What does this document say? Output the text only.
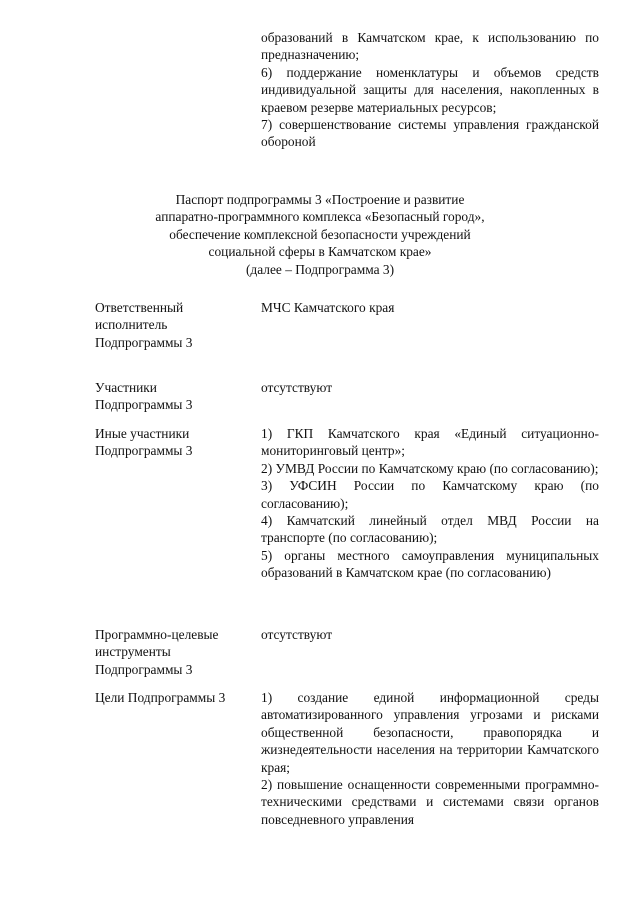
образований в Камчатском крае, к использованию по предназначению;

6) поддержание номенклатуры и объемов средств индивидуальной защиты для населения, накопленных в краевом резерве материальных ресурсов;

7) совершенствование системы управления гражданской обороной

Паспорт подпрограммы 3 «Построение и развитие
аппаратно-программного комплекса «Безопасный город»,
обеспечение комплексной безопасности учреждений
социальной сферы в Камчатском крае»
(далее – Подпрограмма 3)
Ответственный
исполнитель
Подпрограммы 3

МЧС Камчатского края

Участники
Подпрограммы 3

отсутствуют

Иные участники
Подпрограммы 3

1) ГКП Камчатского края «Единый ситуационно-мониторинговый центр»;

2) УМВД России по Камчатскому краю (по согласованию);

3) УФСИН России по Камчатскому краю (по согласованию);

4) Камчатский линейный отдел МВД России на транспорте (по согласованию);

5) органы местного самоуправления муниципальных образований в Камчатском крае (по согласованию)

Программно-целевые
инструменты
Подпрограммы 3

отсутствуют

Цели Подпрограммы 3	1) создание единой информационной среды автоматизированного управления угрозами и рисками общественной безопасности, правопорядка и жизнедеятельности населения на территории Камчатского края;

2) повышение оснащенности современными программно-техническими средствами и системами связи органов повседневного управления
